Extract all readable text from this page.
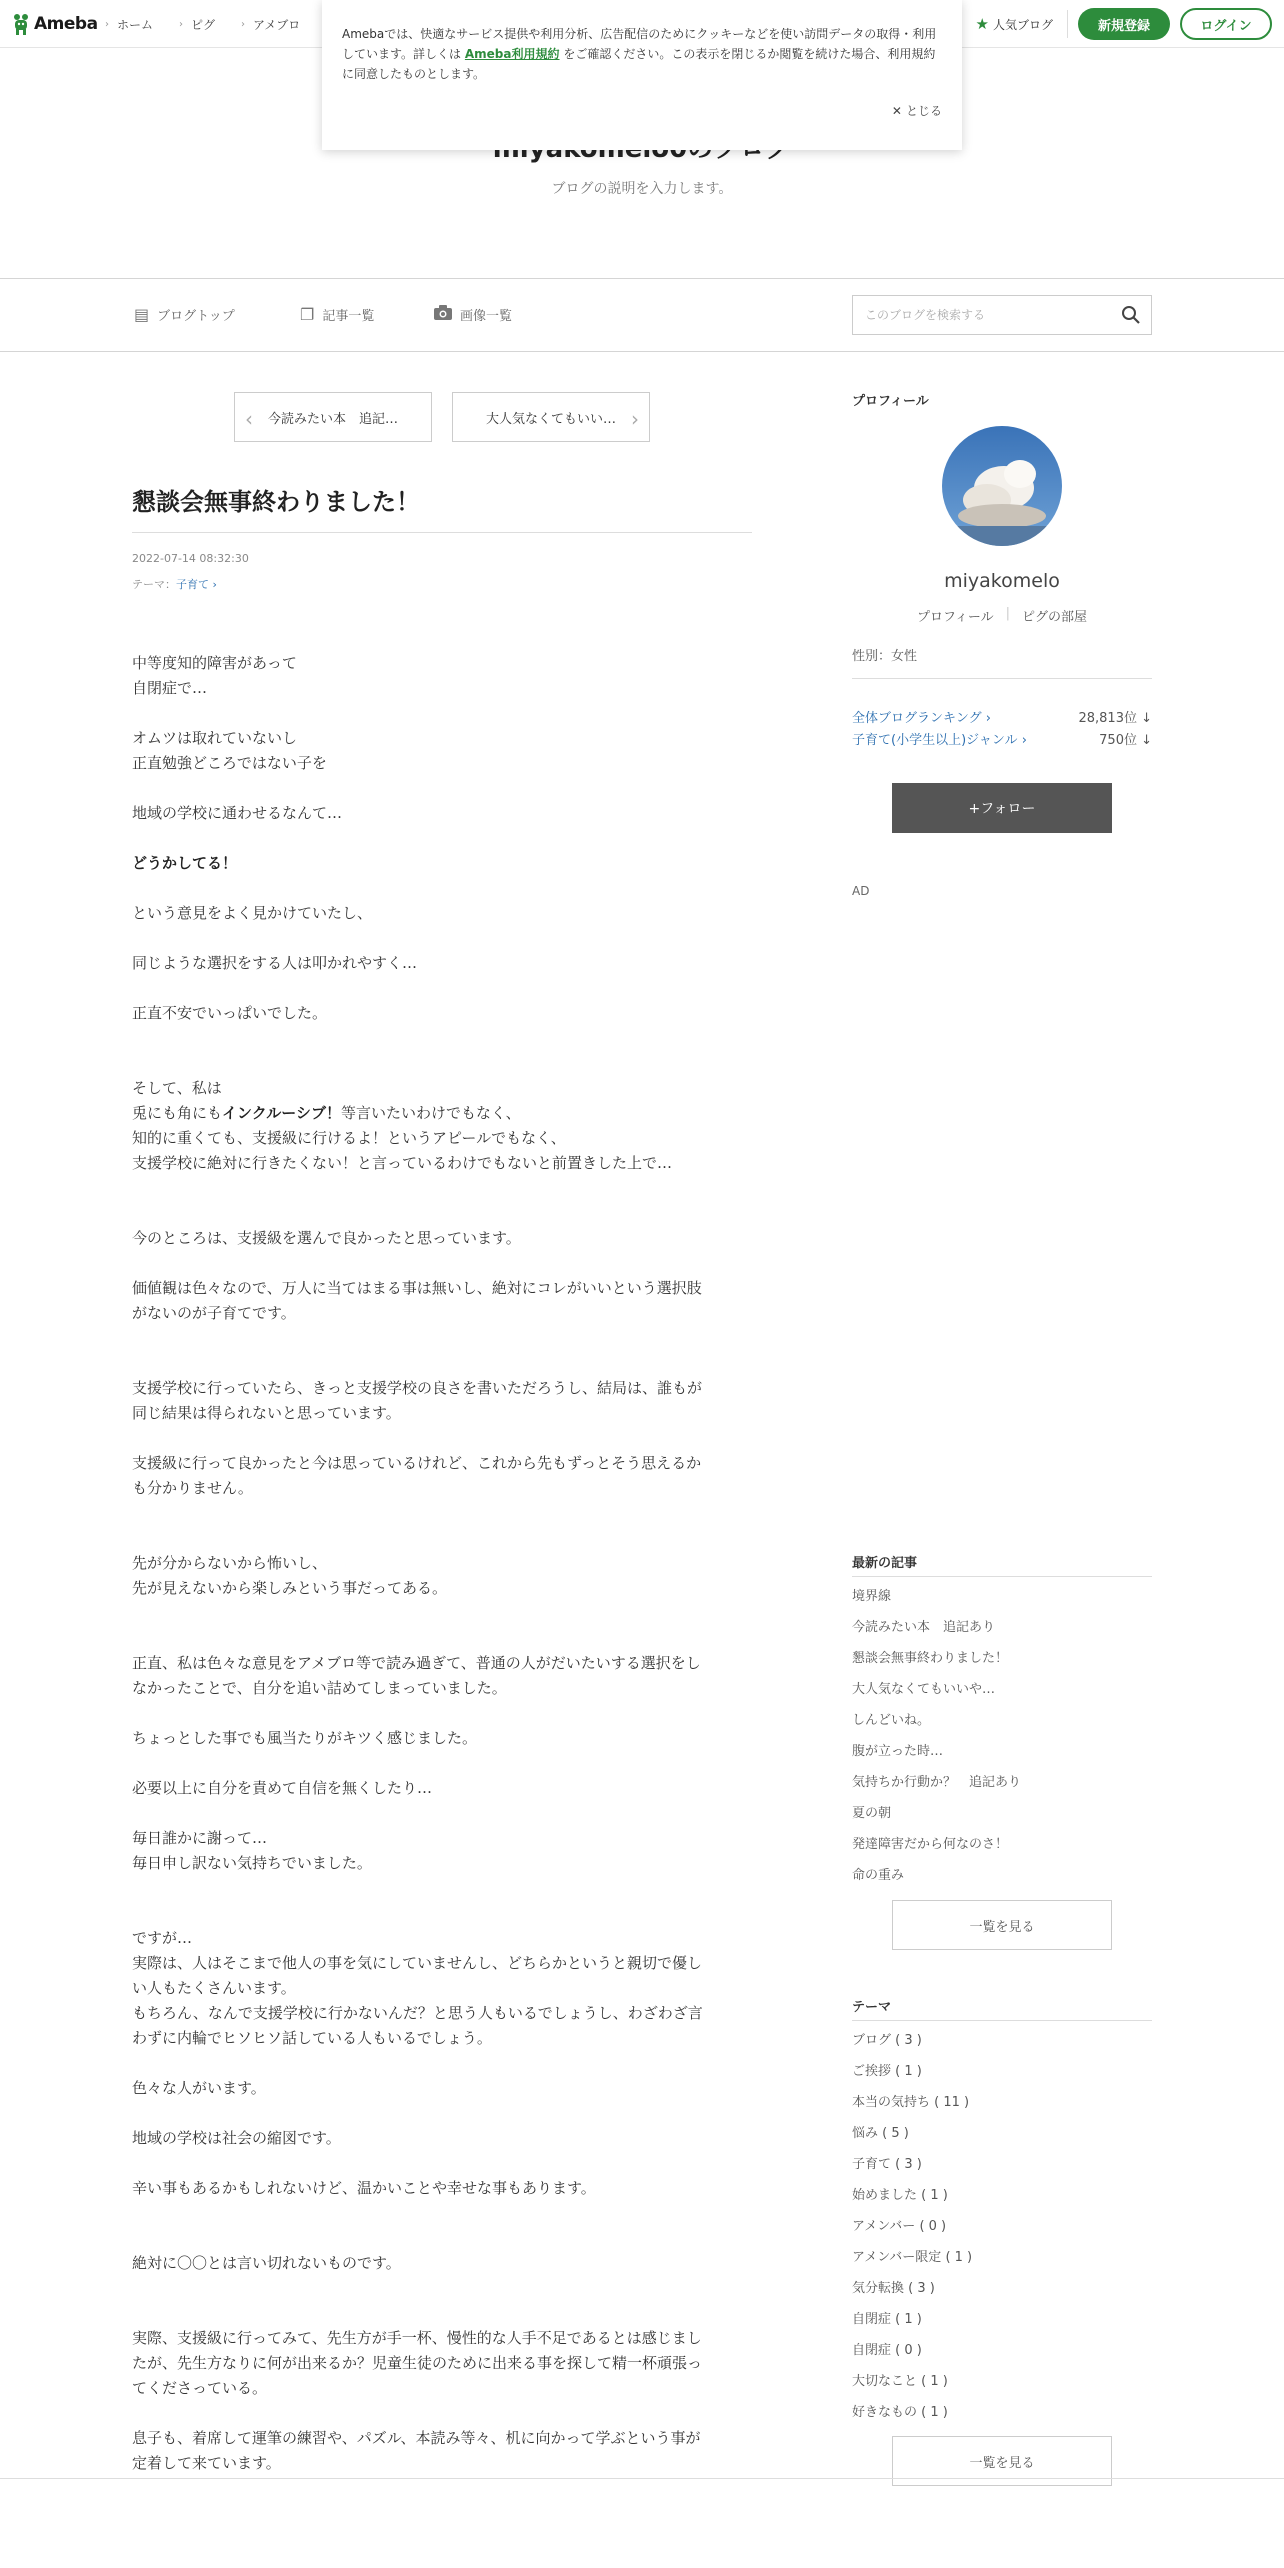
Ameba › ホーム	› ピグ	› アメブロ	★ 人気ブログ	新規登録	ログイン

Amebaでは、快適なサービス提供や利用分析、広告配信のためにクッキーなどを使い訪問データの取得・利用しています。詳しくは Ameba利用規約 をご確認ください。この表示を閉じるか閲覧を続けた場合、利用規約に同意したものとします。

✕ とじる
ブログの説明を入力します。
▤ ブログトップ	❐ 記事一覧	画像一覧
このブログを検索する
‹ 今読みたい本　追記…	大人気なくてもいい… ›
懇談会無事終わりました！
2022-07-14 08:32:30
テーマ：子育て ›
中等度知的障害があって
自閉症で…
オムツは取れていないし
正直勉強どころではない子を
地域の学校に通わせるなんて…
どうかしてる！
という意見をよく見かけていたし、
同じような選択をする人は叩かれやすく…
正直不安でいっぱいでした。
そして、私は
兎にも角にもインクルーシブ！等言いたいわけでもなく、
知的に重くても、支援級に行けるよ！というアピールでもなく、
支援学校に絶対に行きたくない！と言っているわけでもないと前置きした上で…
今のところは、支援級を選んで良かったと思っています。
価値観は色々なので、万人に当てはまる事は無いし、絶対にコレがいいという選択肢
がないのが子育てです。
支援学校に行っていたら、きっと支援学校の良さを書いただろうし、結局は、誰もが
同じ結果は得られないと思っています。
支援級に行って良かったと今は思っているけれど、これから先もずっとそう思えるか
も分かりません。
先が分からないから怖いし、
先が見えないから楽しみという事だってある。
正直、私は色々な意見をアメブロ等で読み過ぎて、普通の人がだいたいする選択をし
なかったことで、自分を追い詰めてしまっていました。
ちょっとした事でも風当たりがキツく感じました。
必要以上に自分を責めて自信を無くしたり…
毎日誰かに謝って…
毎日申し訳ない気持ちでいました。
ですが…
実際は、人はそこまで他人の事を気にしていませんし、どちらかというと親切で優し
い人もたくさんいます。
もちろん、なんで支援学校に行かないんだ？と思う人もいるでしょうし、わざわざ言
わずに内輪でヒソヒソ話している人もいるでしょう。
色々な人がいます。
地域の学校は社会の縮図です。
辛い事もあるかもしれないけど、温かいことや幸せな事もあります。
絶対に〇〇とは言い切れないものです。
実際、支援級に行ってみて、先生方が手一杯、慢性的な人手不足であるとは感じまし
たが、先生方なりに何が出来るか？児童生徒のために出来る事を探して精一杯頑張っ
てくださっている。
息子も、着席して運筆の練習や、パズル、本読み等々、机に向かって学ぶという事が
定着して来ています。
プロフィール
miyakomelo
プロフィール | ピグの部屋
性別：女性
全体ブログランキング ›	28,813位 ↓
子育て(小学生以上)ジャンル ›	750位 ↓
+フォロー
AD
最新の記事
境界線
今読みたい本　追記あり
懇談会無事終わりました！
大人気なくてもいいや…
しんどいね。
腹が立った時…
気持ちか行動か？　追記あり
夏の朝
発達障害だから何なのさ！
命の重み
一覧を見る
テーマ
ブログ ( 3 )
ご挨拶 ( 1 )
本当の気持ち ( 11 )
悩み ( 5 )
子育て ( 3 )
始めました ( 1 )
アメンバー ( 0 )
アメンバー限定 ( 1 )
気分転換 ( 3 )
自閉症 ( 1 )
自閉症 ( 0 )
大切なこと ( 1 )
好きなもの ( 1 )
一覧を見る
